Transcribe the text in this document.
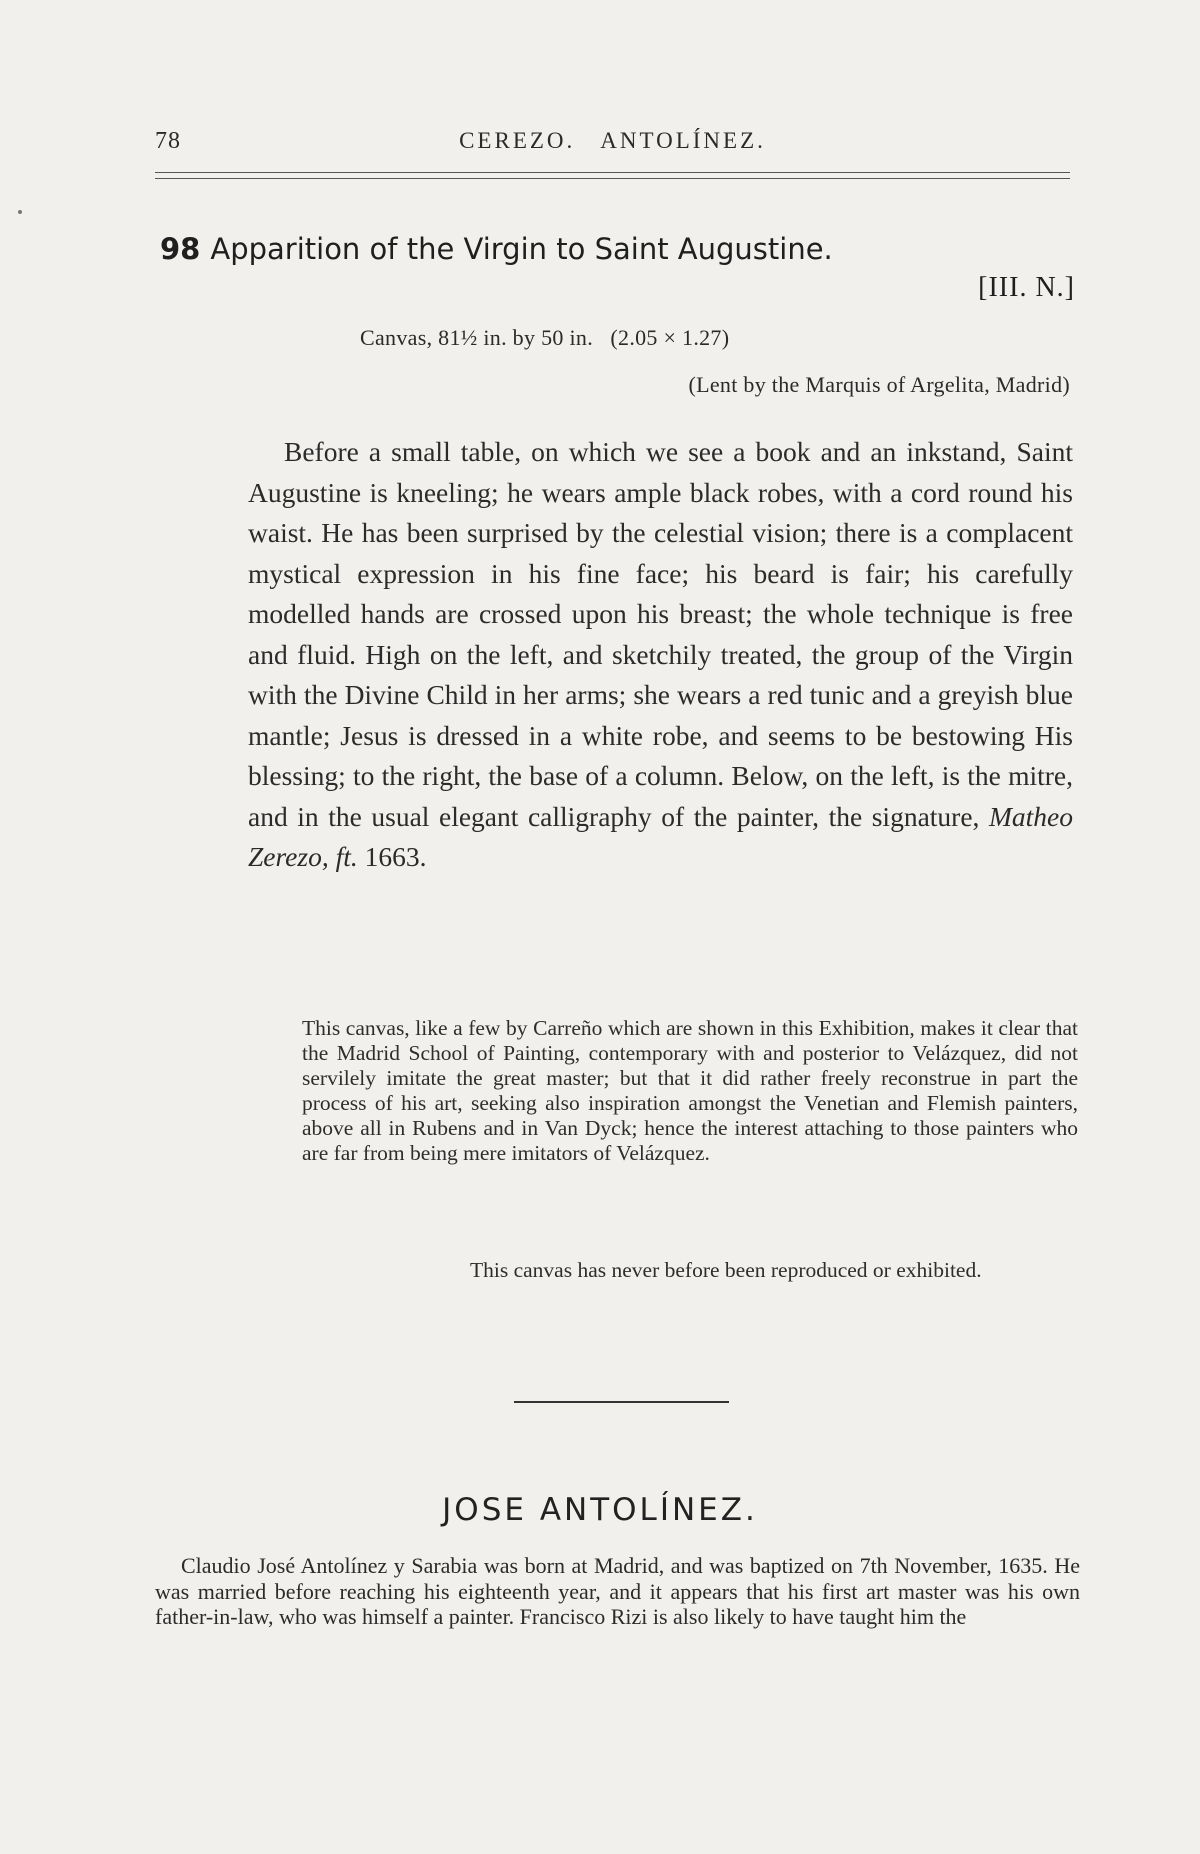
78	CEREZO.   ANTOLÍNEZ.
98 Apparition of the Virgin to Saint Augustine.
[III. N.]
Canvas, 81½ in. by 50 in.   (2.05 × 1.27)
(Lent by the Marquis of Argelita, Madrid)

Before a small table, on which we see a book and an inkstand, Saint Augustine is kneeling; he wears ample black robes, with a cord round his waist. He has been surprised by the celestial vision; there is a complacent mystical expression in his fine face; his beard is fair; his carefully modelled hands are crossed upon his breast; the whole technique is free and fluid. High on the left, and sketchily treated, the group of the Virgin with the Divine Child in her arms; she wears a red tunic and a greyish blue mantle; Jesus is dressed in a white robe, and seems to be bestowing His blessing; to the right, the base of a column. Below, on the left, is the mitre, and in the usual elegant calligraphy of the painter, the signature, Matheo Zerezo, ft. 1663.

This canvas, like a few by Carreño which are shown in this Exhibition, makes it clear that the Madrid School of Painting, contemporary with and posterior to Velázquez, did not servilely imitate the great master; but that it did rather freely reconstrue in part the process of his art, seeking also inspiration amongst the Venetian and Flemish painters, above all in Rubens and in Van Dyck; hence the interest attaching to those painters who are far from being mere imitators of Velázquez.

This canvas has never before been reproduced or exhibited.

JOSE ANTOLÍNEZ.

Claudio José Antolínez y Sarabia was born at Madrid, and was baptized on 7th November, 1635. He was married before reaching his eighteenth year, and it appears that his first art master was his own father-in-law, who was himself a painter. Francisco Rizi is also likely to have taught him the
